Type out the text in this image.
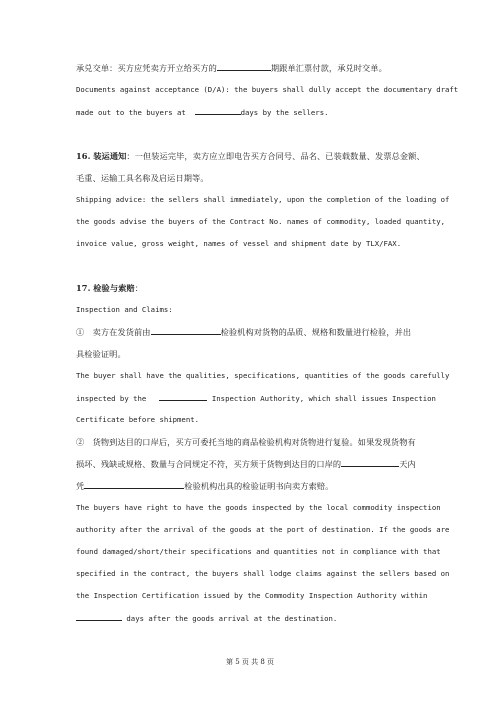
承兑交单：买方应凭卖方开立给买方的	期跟单汇票付款，承兑时交单。
Documents against acceptance (D/A): the buyers shall dully accept the documentary draft
made out to the buyers at	days by the sellers.
16. 装运通知：一但装运完毕，卖方应立即电告买方合同号、品名、已装载数量、发票总金额、
毛重、运输工具名称及启运日期等。
Shipping advice: the sellers shall immediately, upon the completion of the loading of
the goods advise the buyers of the Contract No. names of commodity, loaded quantity,
invoice value, gross weight, names of vessel and shipment date by TLX/FAX.
17. 检验与索赔：
Inspection and Claims:
①　卖方在发货前由	检验机构对货物的品质、规格和数量进行检验，并出
具检验证明。
The buyer shall have the qualities, specifications, quantities of the goods carefully
inspected by the	Inspection Authority, which shall issues Inspection
Certificate before shipment.
②　货物到达目的口岸后，买方可委托当地的商品检验机构对货物进行复验。如果发现货物有
损坏、残缺或规格、数量与合同规定不符，买方须于货物到达目的口岸的	天内
凭	检验机构出具的检验证明书向卖方索赔。
The buyers have right to have the goods inspected by the local commodity inspection
authority after the arrival of the goods at the port of destination. If the goods are
found damaged/short/their specifications and quantities not in compliance with that
specified in the contract, the buyers shall lodge claims against the sellers based on
the Inspection Certification issued by the Commodity Inspection Authority within
days after the goods arrival at the destination.
第 5 页 共 8 页
